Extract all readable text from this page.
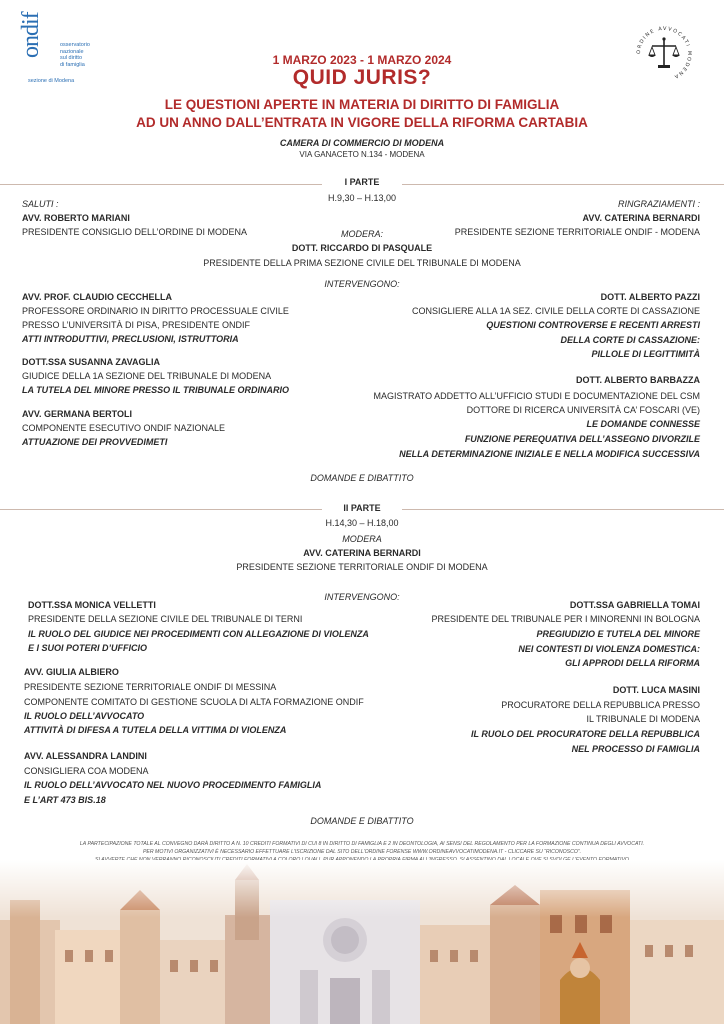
ondif	osservatorio
nazionale
sul diritto
di famiglia
sezione di Modena
ORDINE AVVOCATI MODENA
1 MARZO 2023 - 1 MARZO 2024
QUID JURIS?
LE QUESTIONI APERTE IN MATERIA DI DIRITTO DI FAMIGLIA
AD UN ANNO DALL’ENTRATA IN VIGORE DELLA RIFORMA CARTABIA
CAMERA DI COMMERCIO DI MODENA
VIA GANACETO N.134 - MODENA
I PARTE
H.9,30 – H.13,00
SALUTI :
AVV. ROBERTO MARIANI
PRESIDENTE CONSIGLIO DELL’ORDINE DI MODENA
RINGRAZIAMENTI :
AVV. CATERINA BERNARDI
PRESIDENTE SEZIONE TERRITORIALE ONDIF - MODENA
MODERA:
DOTT. RICCARDO DI PASQUALE
PRESIDENTE DELLA PRIMA SEZIONE CIVILE DEL TRIBUNALE DI MODENA
INTERVENGONO:
AVV. PROF. CLAUDIO CECCHELLA
PROFESSORE ORDINARIO IN DIRITTO PROCESSUALE CIVILE
PRESSO L’UNIVERSITÀ DI PISA, PRESIDENTE ONDIF
ATTI INTRODUTTIVI, PRECLUSIONI, ISTRUTTORIA
DOTT.SSA SUSANNA ZAVAGLIA
GIUDICE DELLA 1A SEZIONE DEL TRIBUNALE DI MODENA
LA TUTELA DEL MINORE PRESSO IL TRIBUNALE ORDINARIO
AVV. GERMANA BERTOLI
COMPONENTE ESECUTIVO ONDIF NAZIONALE
ATTUAZIONE DEI PROVVEDIMETI
DOTT. ALBERTO PAZZI
CONSIGLIERE ALLA 1A SEZ. CIVILE DELLA CORTE DI CASSAZIONE
QUESTIONI CONTROVERSE E RECENTI ARRESTI
DELLA CORTE DI CASSAZIONE:
PILLOLE DI LEGITTIMITÀ
DOTT. ALBERTO BARBAZZA
MAGISTRATO ADDETTO ALL’UFFICIO STUDI E DOCUMENTAZIONE DEL CSM
DOTTORE DI RICERCA UNIVERSITÀ CA’ FOSCARI (VE)
LE DOMANDE CONNESSE
FUNZIONE PEREQUATIVA DELL’ASSEGNO DIVORZILE
NELLA DETERMINAZIONE INIZIALE E NELLA MODIFICA SUCCESSIVA
DOMANDE E DIBATTITO
II PARTE
H.14,30 – H.18,00
MODERA
AVV. CATERINA BERNARDI
PRESIDENTE SEZIONE TERRITORIALE ONDIF DI MODENA
INTERVENGONO:
DOTT.SSA MONICA VELLETTI
PRESIDENTE DELLA SEZIONE CIVILE DEL TRIBUNALE DI TERNI
IL RUOLO DEL GIUDICE NEI PROCEDIMENTI CON ALLEGAZIONE DI VIOLENZA
E I SUOI POTERI D’UFFICIO
AVV. GIULIA ALBIERO
PRESIDENTE SEZIONE TERRITORIALE ONDIF DI MESSINA
COMPONENTE COMITATO DI GESTIONE SCUOLA DI ALTA FORMAZIONE ONDIF
IL RUOLO DELL’AVVOCATO
ATTIVITÀ DI DIFESA A TUTELA DELLA VITTIMA DI VIOLENZA
AVV. ALESSANDRA LANDINI
CONSIGLIERA COA MODENA
IL RUOLO DELL’AVVOCATO NEL NUOVO PROCEDIMENTO FAMIGLIA
E L’ART 473 BIS.18
DOTT.SSA GABRIELLA TOMAI
PRESIDENTE DEL TRIBUNALE PER I MINORENNI IN BOLOGNA
PREGIUDIZIO E TUTELA DEL MINORE
NEI CONTESTI DI VIOLENZA DOMESTICA:
GLI APPRODI DELLA RIFORMA
DOTT. LUCA MASINI
PROCURATORE DELLA REPUBBLICA PRESSO
IL TRIBUNALE DI MODENA
IL RUOLO DEL PROCURATORE DELLA REPUBBLICA
NEL PROCESSO DI FAMIGLIA
DOMANDE E DIBATTITO
LA PARTECIPAZIONE TOTALE AL CONVEGNO DARÀ DIRITTO A N. 10 CREDITI FORMATIVI DI CUI 8 IN DIRITTO DI FAMIGLIA E 2 IN DEONTOLOGIA, AI SENSI DEL REGOLAMENTO PER LA FORMAZIONE CONTINUA DEGLI AVVOCATI.
PER MOTIVI ORGANIZZATIVI È NECESSARIO EFFETTUARE L’ISCRIZIONE DAL SITO DELL’ORDINE FORENSE WWW.ORDINEAVVOCATIMODENA.IT - CLICCARE SU “RICONOSCO”.
